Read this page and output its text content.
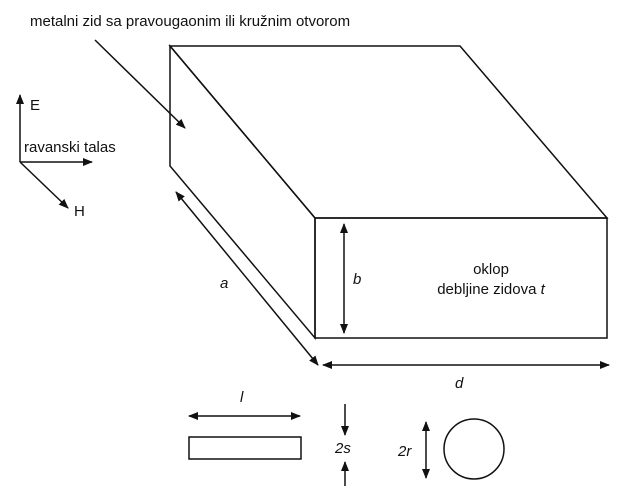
metalni zid sa pravougaonim ili kružnim otvorom
E
ravanski talas
H
a	b
d
l
2s	2r
oklop
debljine zidova t
